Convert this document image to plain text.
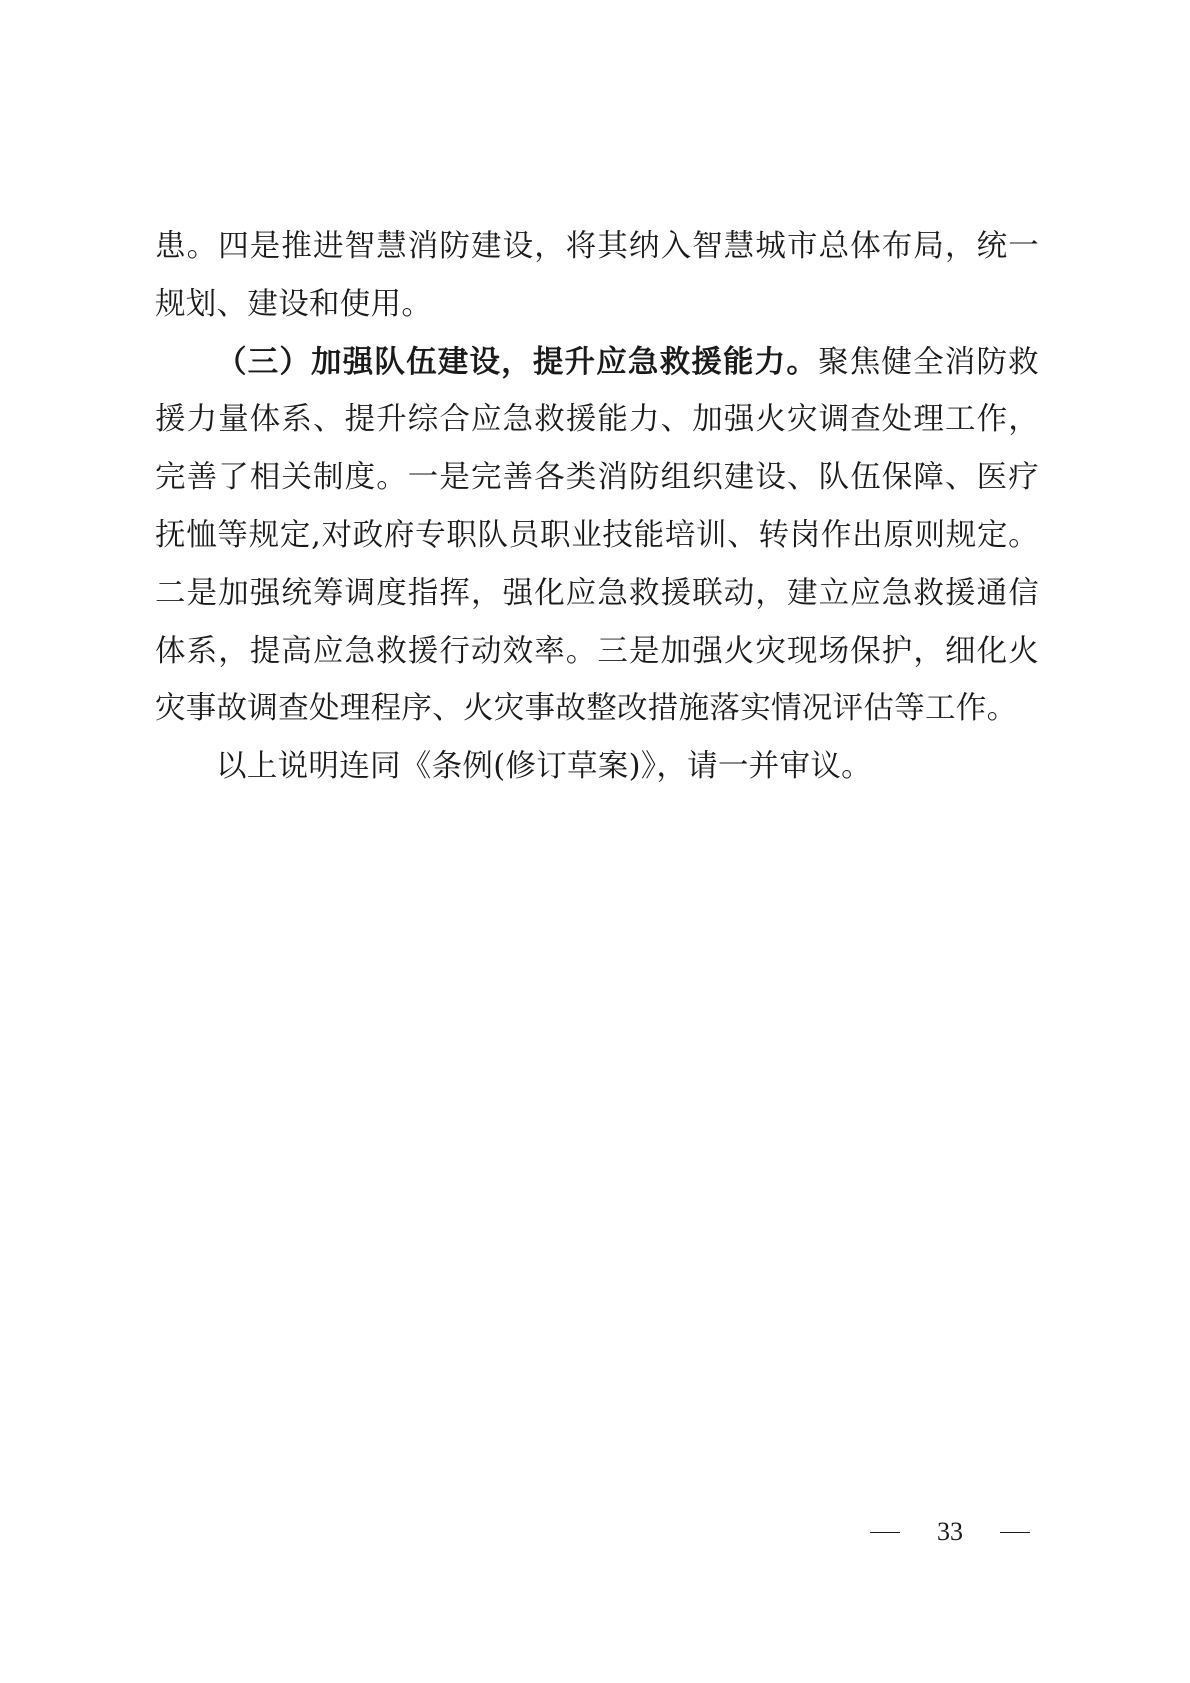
患。四是推进智慧消防建设，将其纳入智慧城市总体布局，统一规划、建设和使用。

（三）加强队伍建设，提升应急救援能力。聚焦健全消防救援力量体系、提升综合应急救援能力、加强火灾调查处理工作，完善了相关制度。一是完善各类消防组织建设、队伍保障、医疗抚恤等规定,对政府专职队员职业技能培训、转岗作出原则规定。二是加强统筹调度指挥，强化应急救援联动，建立应急救援通信体系，提高应急救援行动效率。三是加强火灾现场保护，细化火灾事故调查处理程序、火灾事故整改措施落实情况评估等工作。

以上说明连同《条例(修订草案)》，请一并审议。

33
